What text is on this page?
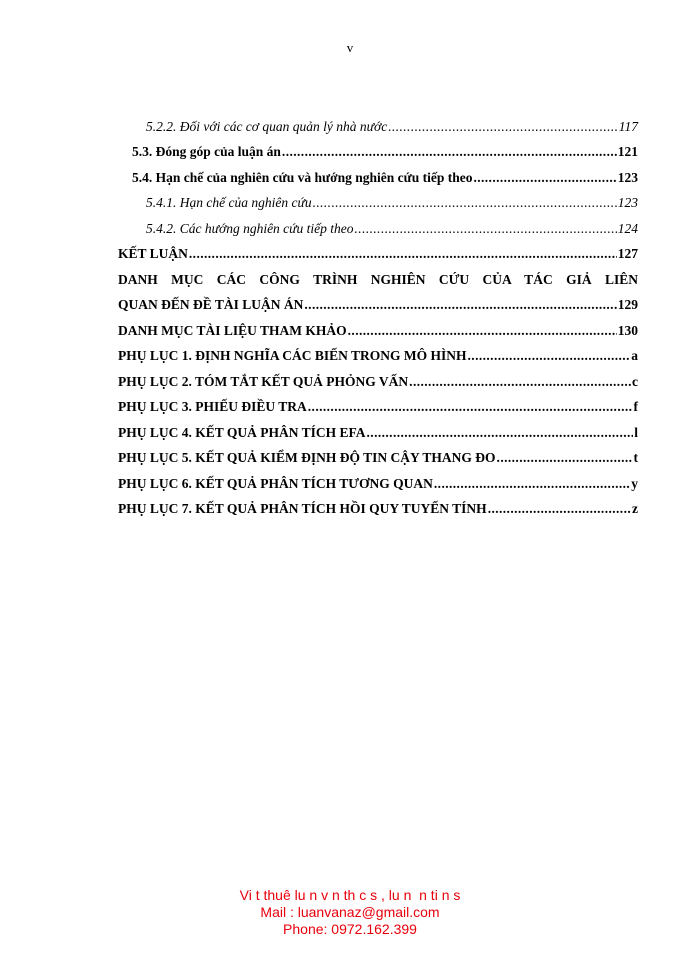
v
5.2.2. Đối với các cơ quan quản lý nhà nước .....	117
5.3. Đóng góp của luận án .....	121
5.4. Hạn chế của nghiên cứu và hướng nghiên cứu tiếp theo .....	123
5.4.1. Hạn chế của nghiên cứu .....	123
5.4.2. Các hướng nghiên cứu tiếp theo .....	124
KẾT LUẬN .....	127
DANH MỤC CÁC CÔNG TRÌNH NGHIÊN CỨU CỦA TÁC GIẢ LIÊN
QUAN ĐẾN ĐỀ TÀI LUẬN ÁN .....	129
DANH MỤC TÀI LIỆU THAM KHẢO .....	130
PHỤ LỤC 1. ĐỊNH NGHĨA CÁC BIẾN TRONG MÔ HÌNH .....	a
PHỤ LỤC 2. TÓM TẮT KẾT QUẢ PHỎNG VẤN .....	c
PHỤ LỤC 3. PHIẾU ĐIỀU TRA .....	f
PHỤ LỤC 4. KẾT QUẢ PHÂN TÍCH EFA .....	l
PHỤ LỤC 5. KẾT QUẢ KIỂM ĐỊNH ĐỘ TIN CẬY THANG ĐO .....	t
PHỤ LỤC 6. KẾT QUẢ PHÂN TÍCH TƯƠNG QUAN .....	y
PHỤ LỤC 7. KẾT QUẢ PHÂN TÍCH HỒI QUY TUYẾN TÍNH .....	z
Vi t thuê lu n v n th c s , lu n  n ti n s
Mail : luanvanaz@gmail.com
Phone: 0972.162.399
